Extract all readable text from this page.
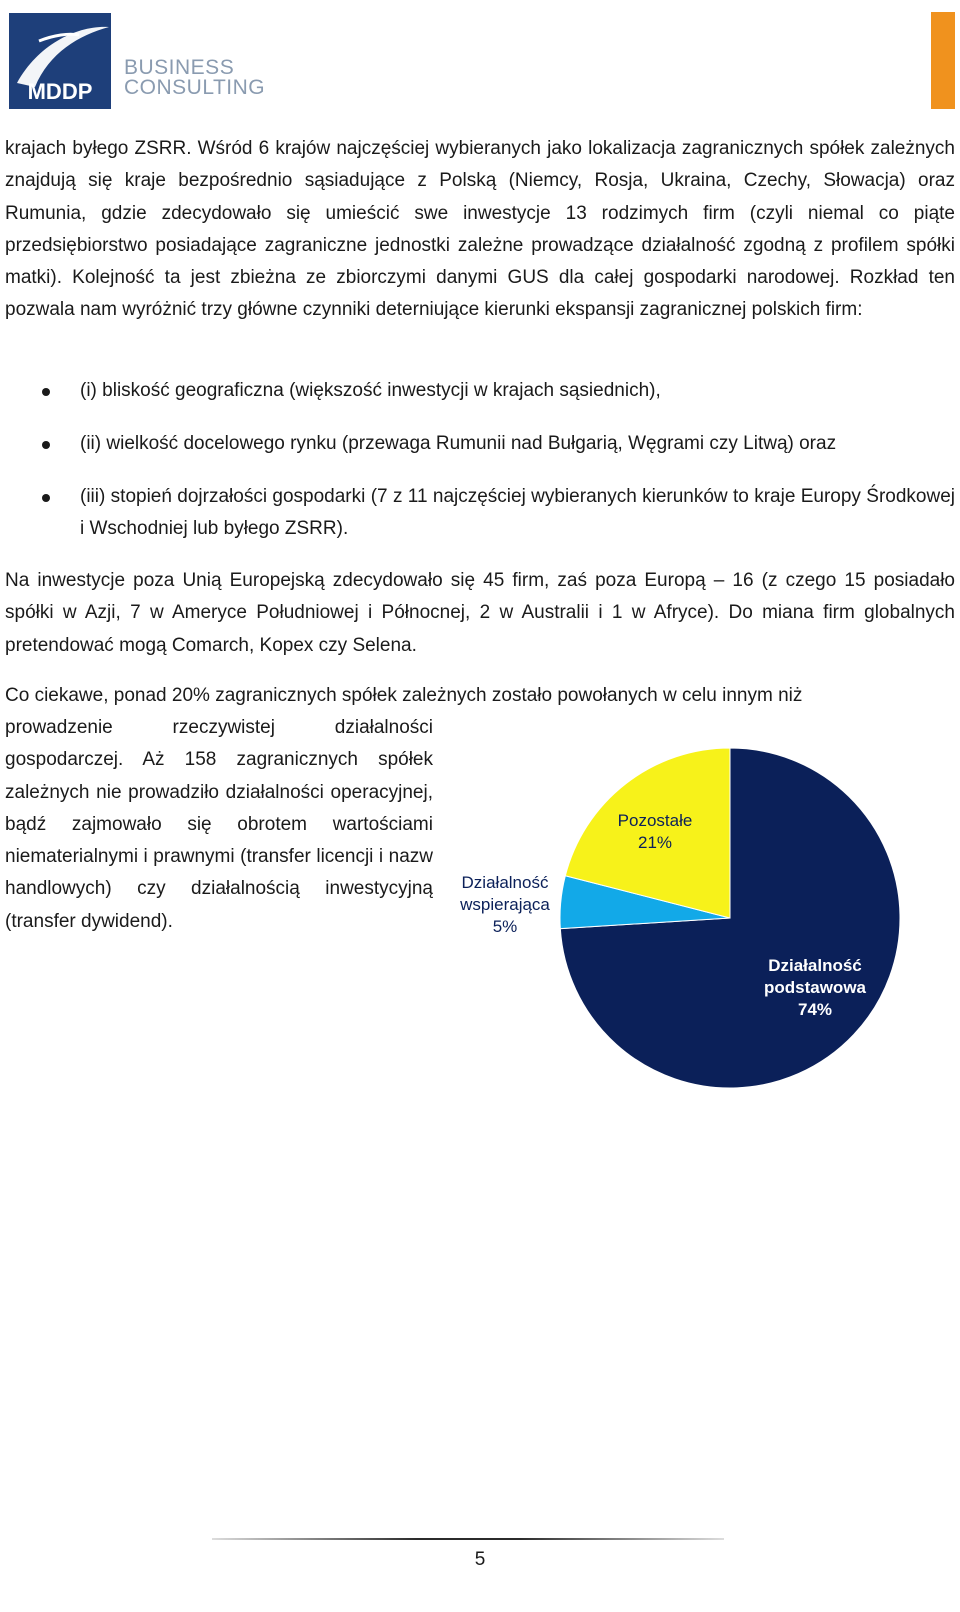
MDDP
BUSINESS
CONSULTING

krajach byłego ZSRR. Wśród 6 krajów najczęściej wybieranych jako lokalizacja zagranicznych spółek zależnych znajdują się kraje bezpośrednio sąsiadujące z Polską (Niemcy, Rosja, Ukraina, Czechy, Słowacja) oraz Rumunia, gdzie zdecydowało się umieścić swe inwestycje 13 rodzimych firm (czyli niemal co piąte przedsiębiorstwo posiadające zagraniczne jednostki zależne prowadzące działalność zgodną z profilem spółki matki). Kolejność ta jest zbieżna ze zbiorczymi danymi GUS dla całej gospodarki narodowej. Rozkład ten pozwala nam wyróżnić trzy główne czynniki deterniujące kierunki ekspansji zagranicznej polskich firm:

(i) bliskość geograficzna (większość inwestycji w krajach sąsiednich),
(ii) wielkość docelowego rynku (przewaga Rumunii nad Bułgarią, Węgrami czy Litwą) oraz
(iii) stopień dojrzałości gospodarki (7 z 11 najczęściej wybieranych kierunków to kraje Europy Środkowej i Wschodniej lub byłego ZSRR).

Na inwestycje poza Unią Europejską zdecydowało się 45 firm, zaś poza Europą – 16 (z czego 15 posiadało spółki w Azji, 7 w Ameryce Południowej i Północnej, 2 w Australii i 1 w Afryce). Do miana firm globalnych pretendować mogą Comarch, Kopex czy Selena.

Co ciekawe, ponad 20% zagranicznych spółek zależnych zostało powołanych w celu innym niż

prowadzenie rzeczywistej działalności gospodarczej. Aż 158 zagranicznych spółek zależnych nie prowadziło działalności operacyjnej, bądź zajmowało się obrotem wartościami niematerialnymi i prawnymi (transfer licencji i nazw handlowych) czy działalnością inwestycyjną (transfer dywidend).

Pozostałe
21%
Działalność wspierająca
5%
Działalność podstawowa
74%
5
